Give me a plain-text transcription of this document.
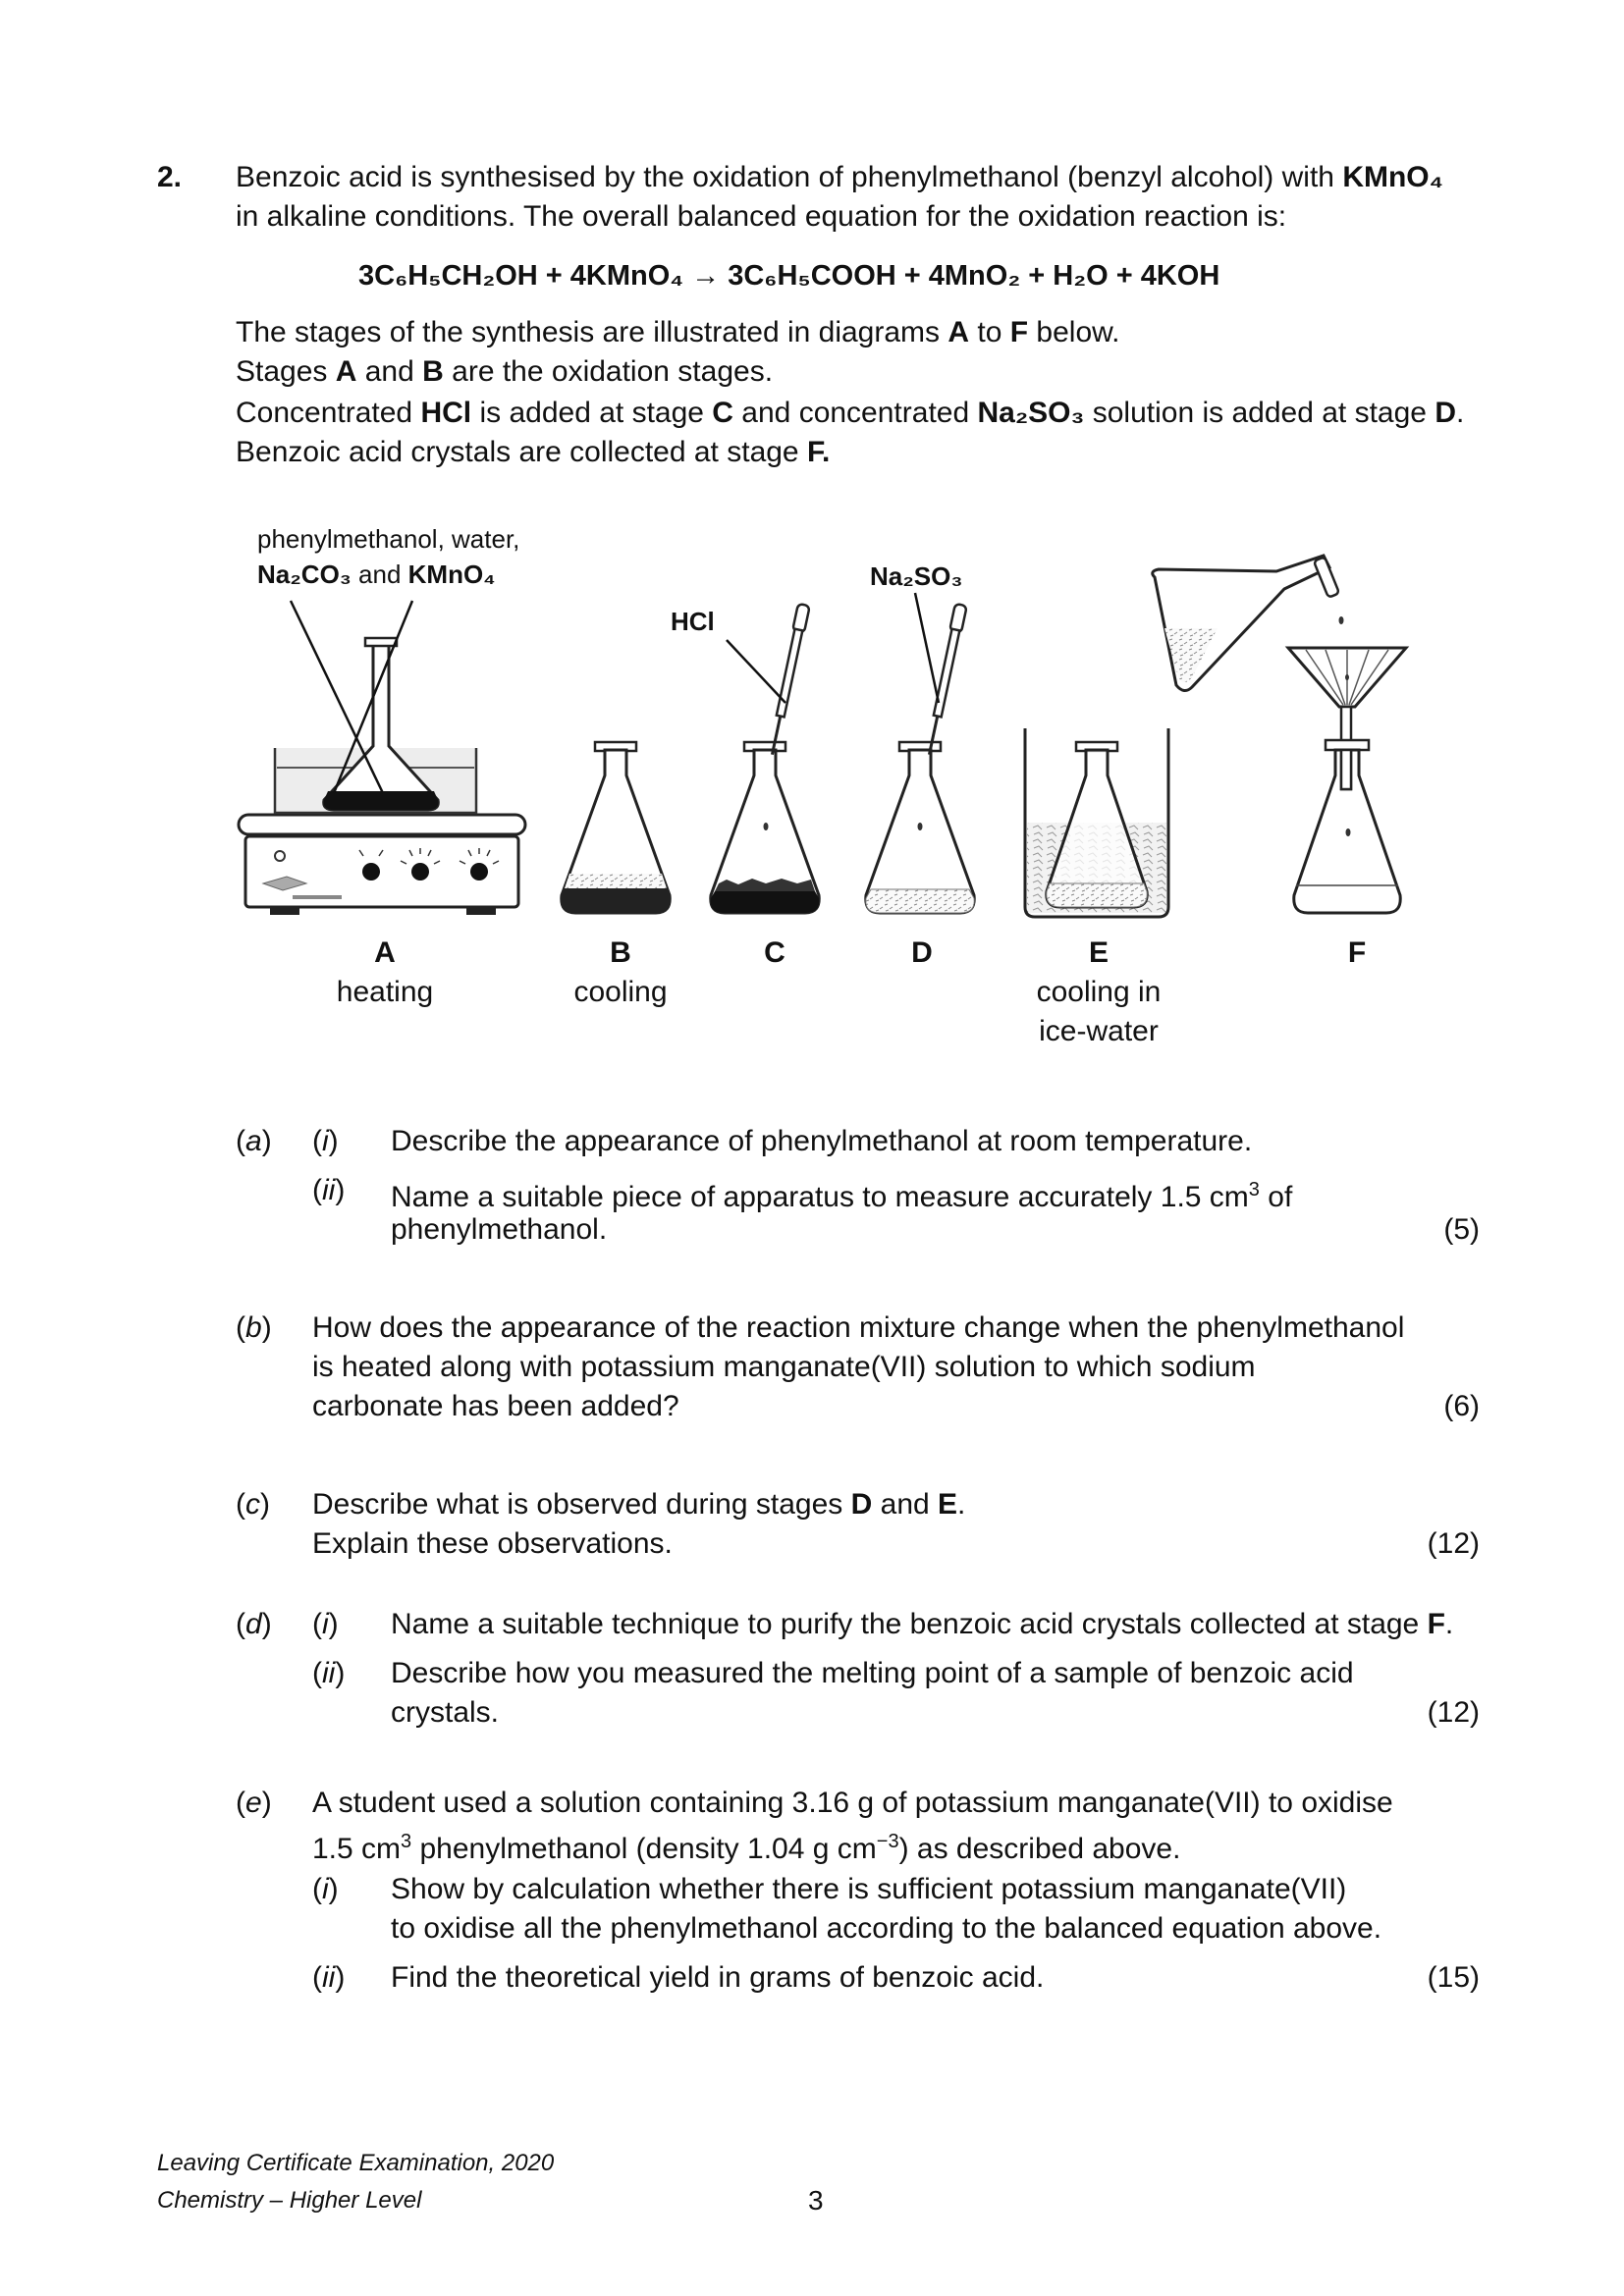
2. Benzoic acid is synthesised by the oxidation of phenylmethanol (benzyl alcohol) with KMnO₄
in alkaline conditions. The overall balanced equation for the oxidation reaction is:
3C₆H₅CH₂OH + 4KMnO₄ → 3C₆H₅COOH + 4MnO₂ + H₂O + 4KOH
The stages of the synthesis are illustrated in diagrams A to F below.
Stages A and B are the oxidation stages.
Concentrated HCl is added at stage C and concentrated Na₂SO₃ solution is added at stage D.
Benzoic acid crystals are collected at stage F.
phenylmethanol, water,
Na₂CO₃ and KMnO₄
HCl
Na₂SO₃
A
heating
B
cooling
C	D	E
cooling in
ice-water
F
(a) (i) Describe the appearance of phenylmethanol at room temperature.
(ii) Name a suitable piece of apparatus to measure accurately 1.5 $cm^3$ of
phenylmethanol.	(5)
(b) How does the appearance of the reaction mixture change when the phenylmethanol
is heated along with potassium manganate(VII) solution to which sodium
carbonate has been added?	(6)
(c) Describe what is observed during stages D and E.
Explain these observations.	(12)
(d) (i) Name a suitable technique to purify the benzoic acid crystals collected at stage F.
(ii) Describe how you measured the melting point of a sample of benzoic acid
crystals.	(12)
(e) A student used a solution containing 3.16 g of potassium manganate(VII) to oxidise
1.5 $cm^3$ phenylmethanol (density 1.04 g $cm^{-3}$) as described above.
(i) Show by calculation whether there is sufficient potassium manganate(VII)
to oxidise all the phenylmethanol according to the balanced equation above.
(ii) Find the theoretical yield in grams of benzoic acid.	(15)
Leaving Certificate Examination, 2020
Chemistry – Higher Level	3
